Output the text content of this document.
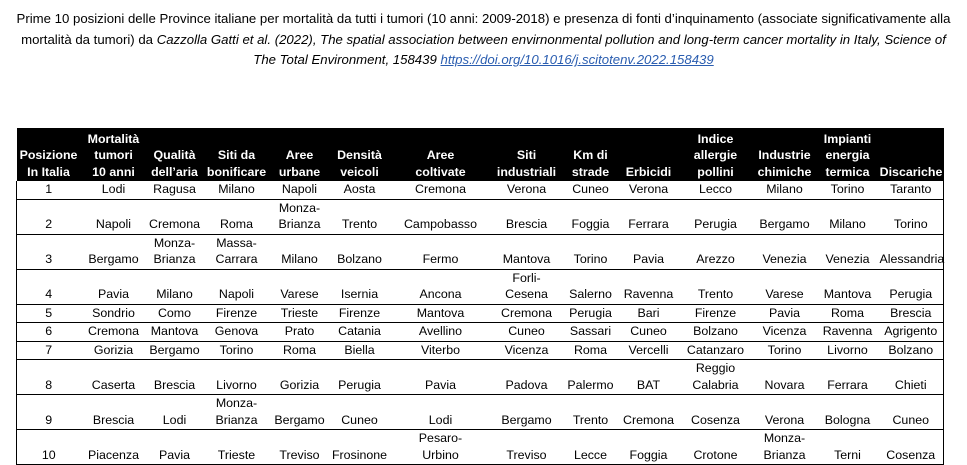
Prime 10 posizioni delle Province italiane per mortalità da tutti i tumori (10 anni: 2009-2018) e presenza di fonti d’inquinamento (associate significativamente alla mortalità da tumori) da Cazzolla Gatti et al. (2022), The spatial association between envirnonmental pollution and long-term cancer mortality in Italy, Science of The Total Environment, 158439 https://doi.org/10.1016/j.scitotenv.2022.158439
Posizione
In Italia	Mortalità
tumori
10 anni	Qualità
dell’aria	Siti da
bonificare	Aree
urbane	Densità
veicoli	Aree
coltivate	Siti
industriali	Km di
strade	Erbicidi	Indice
allergie
pollini	Industrie
chimiche	Impianti
energia
termica	Discariche
1	Lodi	Ragusa	Milano	Napoli	Aosta	Cremona	Verona	Cuneo	Verona	Lecco	Milano	Torino	Taranto
2	Napoli	Cremona	Roma	Monza-
Brianza	Trento	Campobasso	Brescia	Foggia	Ferrara	Perugia	Bergamo	Milano	Torino
3	Bergamo	Monza-
Brianza	Massa-
Carrara	Milano	Bolzano	Fermo	Mantova	Torino	Pavia	Arezzo	Venezia	Venezia	Alessandria
4	Pavia	Milano	Napoli	Varese	Isernia	Ancona	Forli-Cesena	Salerno	Ravenna	Trento	Varese	Mantova	Perugia
5	Sondrio	Como	Firenze	Trieste	Firenze	Mantova	Cremona	Perugia	Bari	Firenze	Pavia	Roma	Brescia
6	Cremona	Mantova	Genova	Prato	Catania	Avellino	Cuneo	Sassari	Cuneo	Bolzano	Vicenza	Ravenna	Agrigento
7	Gorizia	Bergamo	Torino	Roma	Biella	Viterbo	Vicenza	Roma	Vercelli	Catanzaro	Torino	Livorno	Bolzano
8	Caserta	Brescia	Livorno	Gorizia	Perugia	Pavia	Padova	Palermo	BAT	Reggio
Calabria	Novara	Ferrara	Chieti
9	Brescia	Lodi	Monza-
Brianza	Bergamo	Cuneo	Lodi	Bergamo	Trento	Cremona	Cosenza	Verona	Bologna	Cuneo
10	Piacenza	Pavia	Trieste	Treviso	Frosinone	Pesaro-
Urbino	Treviso	Lecce	Foggia	Crotone	Monza-
Brianza	Terni	Cosenza
